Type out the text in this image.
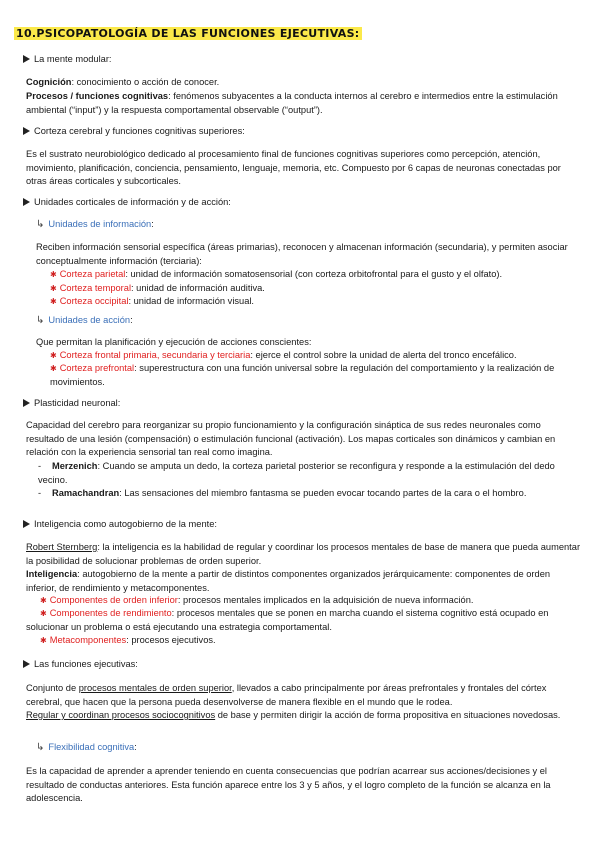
10.PSICOPATOLOGÍA DE LAS FUNCIONES EJECUTIVAS:
La mente modular:
Cognición: conocimiento o acción de conocer.
Procesos / funciones cognitivas: fenómenos subyacentes a la conducta internos al cerebro e intermedios entre la estimulación ambiental (“input”) y la respuesta comportamental observable (“output”).
Corteza cerebral y funciones cognitivas superiores:
Es el sustrato neurobiológico dedicado al procesamiento final de funciones cognitivas superiores como percepción, atención, movimiento, planificación, conciencia, pensamiento, lenguaje, memoria, etc. Compuesto por 6 capas de neuronas conectadas por otras áreas corticales y subcorticales.
Unidades corticales de información y de acción:
↳ Unidades de información:
Reciben información sensorial específica (áreas primarias), reconocen y almacenan información (secundaria), y permiten asociar conceptualmente información (terciaria):
✱ Corteza parietal: unidad de información somatosensorial (con corteza orbitofrontal para el gusto y el olfato).
✱ Corteza temporal: unidad de información auditiva.
✱ Corteza occipital: unidad de información visual.
↳ Unidades de acción:
Que permitan la planificación y ejecución de acciones conscientes:
✱ Corteza frontal primaria, secundaria y terciaria: ejerce el control sobre la unidad de alerta del tronco encefálico.
✱ Corteza prefrontal: superestructura con una función universal sobre la regulación del comportamiento y la realización de movimientos.
Plasticidad neuronal:
Capacidad del cerebro para reorganizar su propio funcionamiento y la configuración sináptica de sus redes neuronales como resultado de una lesión (compensación) o estimulación funcional (activación). Los mapas corticales son dinámicos y cambian en relación con la experiencia sensorial tan real como imagina.
- Merzenich: Cuando se amputa un dedo, la corteza parietal posterior se reconfigura y responde a la estimulación del dedo vecino.
- Ramachandran: Las sensaciones del miembro fantasma se pueden evocar tocando partes de la cara o el hombro.
Inteligencia como autogobierno de la mente:
Robert Sternberg: la inteligencia es la habilidad de regular y coordinar los procesos mentales de base de manera que pueda aumentar la posibilidad de solucionar problemas de orden superior.
Inteligencia: autogobierno de la mente a partir de distintos componentes organizados jerárquicamente: componentes de orden inferior, de rendimiento y metacomponentes.
✱ Componentes de orden inferior: procesos mentales implicados en la adquisición de nueva información.
✱ Componentes de rendimiento: procesos mentales que se ponen en marcha cuando el sistema cognitivo está ocupado en solucionar un problema o está ejecutando una estrategia comportamental.
✱ Metacomponentes: procesos ejecutivos.
Las funciones ejecutivas:
Conjunto de procesos mentales de orden superior, llevados a cabo principalmente por áreas prefrontales y frontales del córtex cerebral, que hacen que la persona pueda desenvolverse de manera flexible en el mundo que le rodea.
Regular y coordinan procesos sociocognitivos de base y permiten dirigir la acción de forma propositiva en situaciones novedosas.
↳ Flexibilidad cognitiva:
Es la capacidad de aprender a aprender teniendo en cuenta consecuencias que podrían acarrear sus acciones/decisiones y el resultado de conductas anteriores. Esta función aparece entre los 3 y 5 años, y el logro completo de la función se alcanza en la adolescencia.
